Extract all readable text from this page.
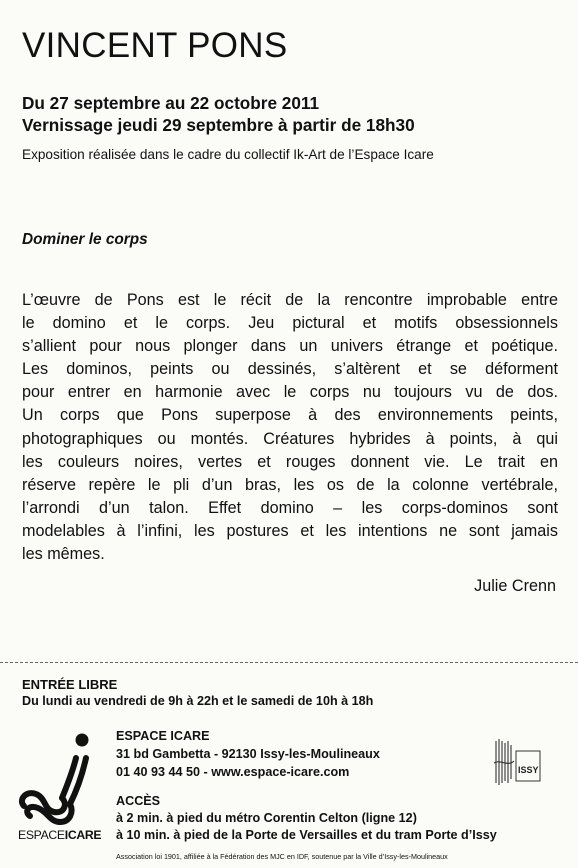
VINCENT PONS
Du 27 septembre au 22 octobre 2011
Vernissage jeudi 29 septembre à partir de 18h30
Exposition réalisée dans le cadre du collectif Ik-Art de l’Espace Icare
Dominer le corps
L’œuvre de Pons est le récit de la rencontre improbable entre
le domino et le corps. Jeu pictural et motifs obsessionnels
s’allient pour nous plonger dans un univers étrange et poétique.
Les dominos, peints ou dessinés, s’altèrent et se déforment
pour entrer en harmonie avec le corps nu toujours vu de dos.
Un corps que Pons superpose à des environnements peints,
photographiques ou montés. Créatures hybrides à points, à qui
les couleurs noires, vertes et rouges donnent vie. Le trait en
réserve repère le pli d’un bras, les os de la colonne vertébrale,
l’arrondi d’un talon. Effet domino – les corps-dominos sont
modelables à l’infini, les postures et les intentions ne sont jamais
les mêmes.
Julie Crenn
ENTRÉE LIBRE
Du lundi au vendredi de 9h à 22h et le samedi de 10h à 18h
ESPACEICARE
ESPACE ICARE
31 bd Gambetta - 92130 Issy-les-Moulineaux
01 40 93 44 50 - www.espace-icare.com
ACCÈS
à 2 min. à pied du métro Corentin Celton (ligne 12)
à 10 min. à pied de la Porte de Versailles et du tram Porte d’Issy
Association loi 1901, affiliée à la Fédération des MJC en IDF, soutenue par la Ville d’Issy-les-Moulineaux
ISSY
